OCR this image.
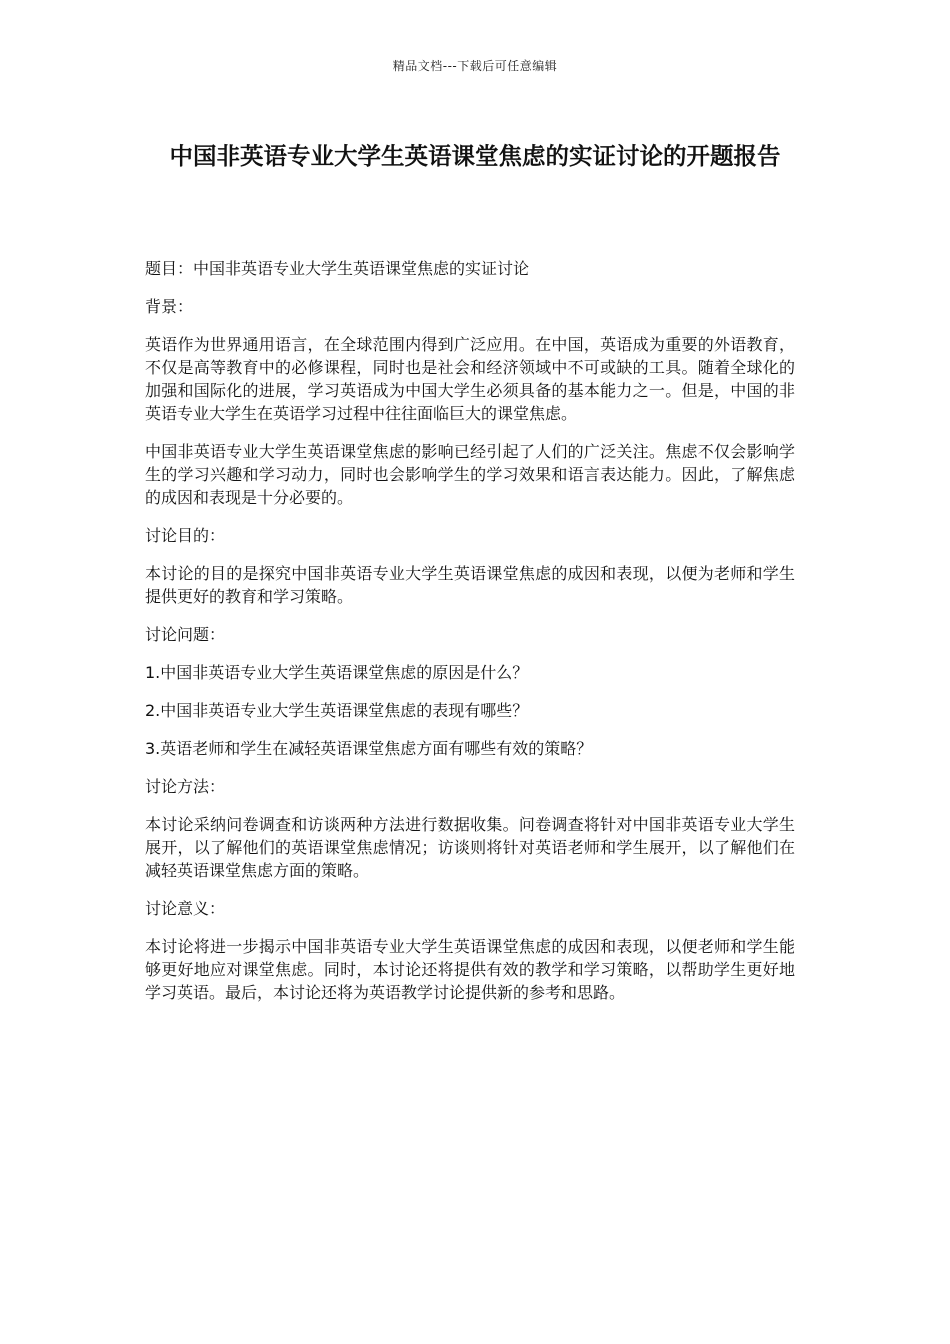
精品文档---下载后可任意编辑
中国非英语专业大学生英语课堂焦虑的实证讨论的开题报告

题目：中国非英语专业大学生英语课堂焦虑的实证讨论

背景：

英语作为世界通用语言，在全球范围内得到广泛应用。在中国，英语成为重要的外语教育，不仅是高等教育中的必修课程，同时也是社会和经济领域中不可或缺的工具。随着全球化的加强和国际化的进展，学习英语成为中国大学生必须具备的基本能力之一。但是，中国的非英语专业大学生在英语学习过程中往往面临巨大的课堂焦虑。

中国非英语专业大学生英语课堂焦虑的影响已经引起了人们的广泛关注。焦虑不仅会影响学生的学习兴趣和学习动力，同时也会影响学生的学习效果和语言表达能力。因此，了解焦虑的成因和表现是十分必要的。

讨论目的：

本讨论的目的是探究中国非英语专业大学生英语课堂焦虑的成因和表现，以便为老师和学生提供更好的教育和学习策略。

讨论问题：

1.中国非英语专业大学生英语课堂焦虑的原因是什么？

2.中国非英语专业大学生英语课堂焦虑的表现有哪些？

3.英语老师和学生在减轻英语课堂焦虑方面有哪些有效的策略？

讨论方法：

本讨论采纳问卷调查和访谈两种方法进行数据收集。问卷调查将针对中国非英语专业大学生展开，以了解他们的英语课堂焦虑情况；访谈则将针对英语老师和学生展开，以了解他们在减轻英语课堂焦虑方面的策略。

讨论意义：

本讨论将进一步揭示中国非英语专业大学生英语课堂焦虑的成因和表现，以便老师和学生能够更好地应对课堂焦虑。同时，本讨论还将提供有效的教学和学习策略，以帮助学生更好地学习英语。最后，本讨论还将为英语教学讨论提供新的参考和思路。
